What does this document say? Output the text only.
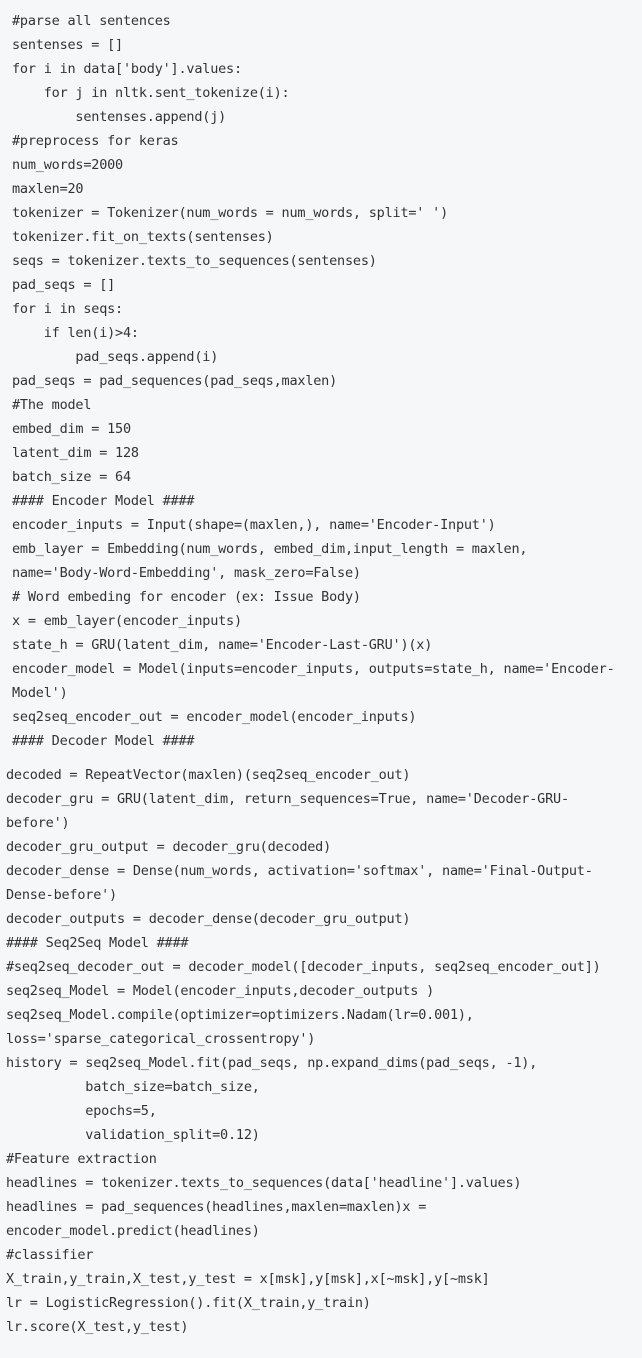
#parse all sentences
sentenses = []
for i in data['body'].values:
for j in nltk.sent_tokenize(i):
sentenses.append(j)
#preprocess for keras
num_words=2000
maxlen=20
tokenizer = Tokenizer(num_words = num_words, split=' ')
tokenizer.fit_on_texts(sentenses)
seqs = tokenizer.texts_to_sequences(sentenses)
pad_seqs = []
for i in seqs:
if len(i)>4:
pad_seqs.append(i)
pad_seqs = pad_sequences(pad_seqs,maxlen)
#The model
embed_dim = 150
latent_dim = 128
batch_size = 64
#### Encoder Model ####
encoder_inputs = Input(shape=(maxlen,), name='Encoder-Input')
emb_layer = Embedding(num_words, embed_dim,input_length = maxlen,
name='Body-Word-Embedding', mask_zero=False)
# Word embeding for encoder (ex: Issue Body)
x = emb_layer(encoder_inputs)
state_h = GRU(latent_dim, name='Encoder-Last-GRU')(x)
encoder_model = Model(inputs=encoder_inputs, outputs=state_h, name='Encoder-
Model')
seq2seq_encoder_out = encoder_model(encoder_inputs)
#### Decoder Model ####
decoded = RepeatVector(maxlen)(seq2seq_encoder_out)
decoder_gru = GRU(latent_dim, return_sequences=True, name='Decoder-GRU-
before')
decoder_gru_output = decoder_gru(decoded)
decoder_dense = Dense(num_words, activation='softmax', name='Final-Output-
Dense-before')
decoder_outputs = decoder_dense(decoder_gru_output)
#### Seq2Seq Model ####
#seq2seq_decoder_out = decoder_model([decoder_inputs, seq2seq_encoder_out])
seq2seq_Model = Model(encoder_inputs,decoder_outputs )
seq2seq_Model.compile(optimizer=optimizers.Nadam(lr=0.001),
loss='sparse_categorical_crossentropy')
history = seq2seq_Model.fit(pad_seqs, np.expand_dims(pad_seqs, -1),
batch_size=batch_size,
epochs=5,
validation_split=0.12)
#Feature extraction
headlines = tokenizer.texts_to_sequences(data['headline'].values)
headlines = pad_sequences(headlines,maxlen=maxlen)x =
encoder_model.predict(headlines)
#classifier
X_train,y_train,X_test,y_test = x[msk],y[msk],x[~msk],y[~msk]
lr = LogisticRegression().fit(X_train,y_train)
lr.score(X_test,y_test)
